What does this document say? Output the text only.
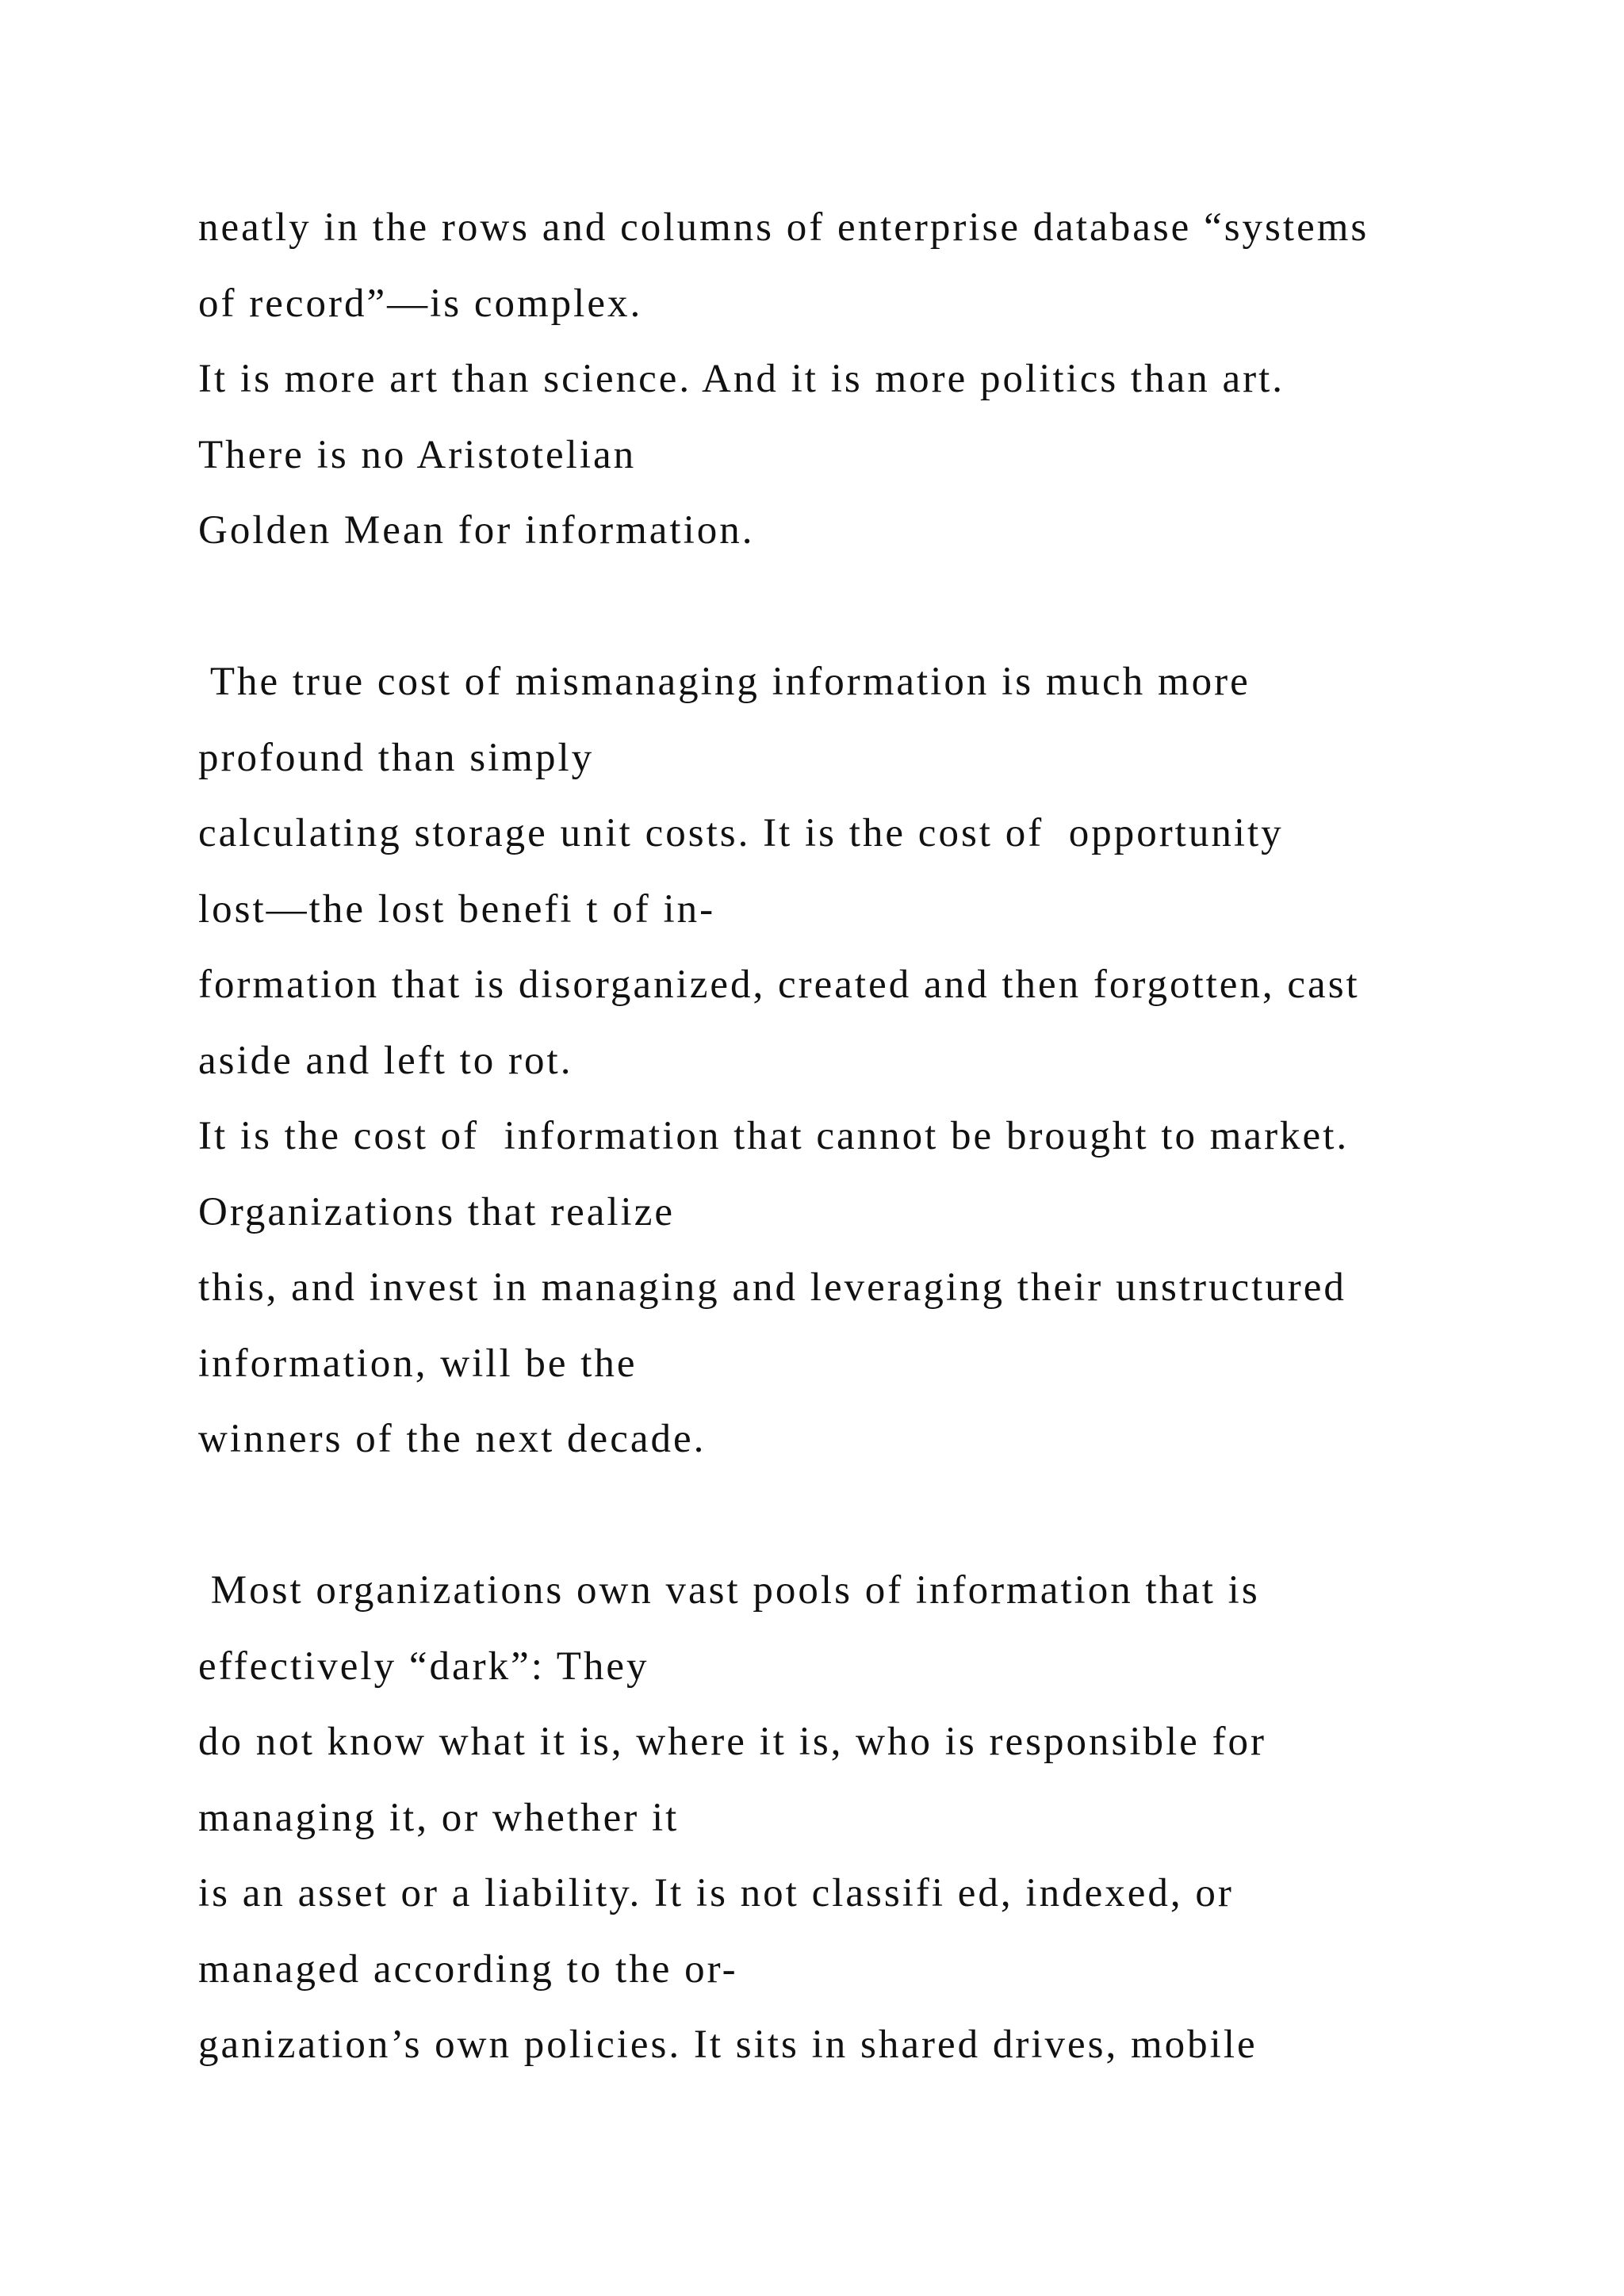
neatly in the rows and columns of enterprise database “systems
of record”—is complex.
It is more art than science. And it is more politics than art.
There is no Aristotelian
Golden Mean for information.
The true cost of mismanaging information is much more
profound than simply
calculating storage unit costs. It is the cost of  opportunity
lost—the lost benefi t of in-
formation that is disorganized, created and then forgotten, cast
aside and left to rot.
It is the cost of  information that cannot be brought to market.
Organizations that realize
this, and invest in managing and leveraging their unstructured
information, will be the
winners of the next decade.
Most organizations own vast pools of information that is
effectively “dark”: They
do not know what it is, where it is, who is responsible for
managing it, or whether it
is an asset or a liability. It is not classifi ed, indexed, or
managed according to the or-
ganization’s own policies. It sits in shared drives, mobile
